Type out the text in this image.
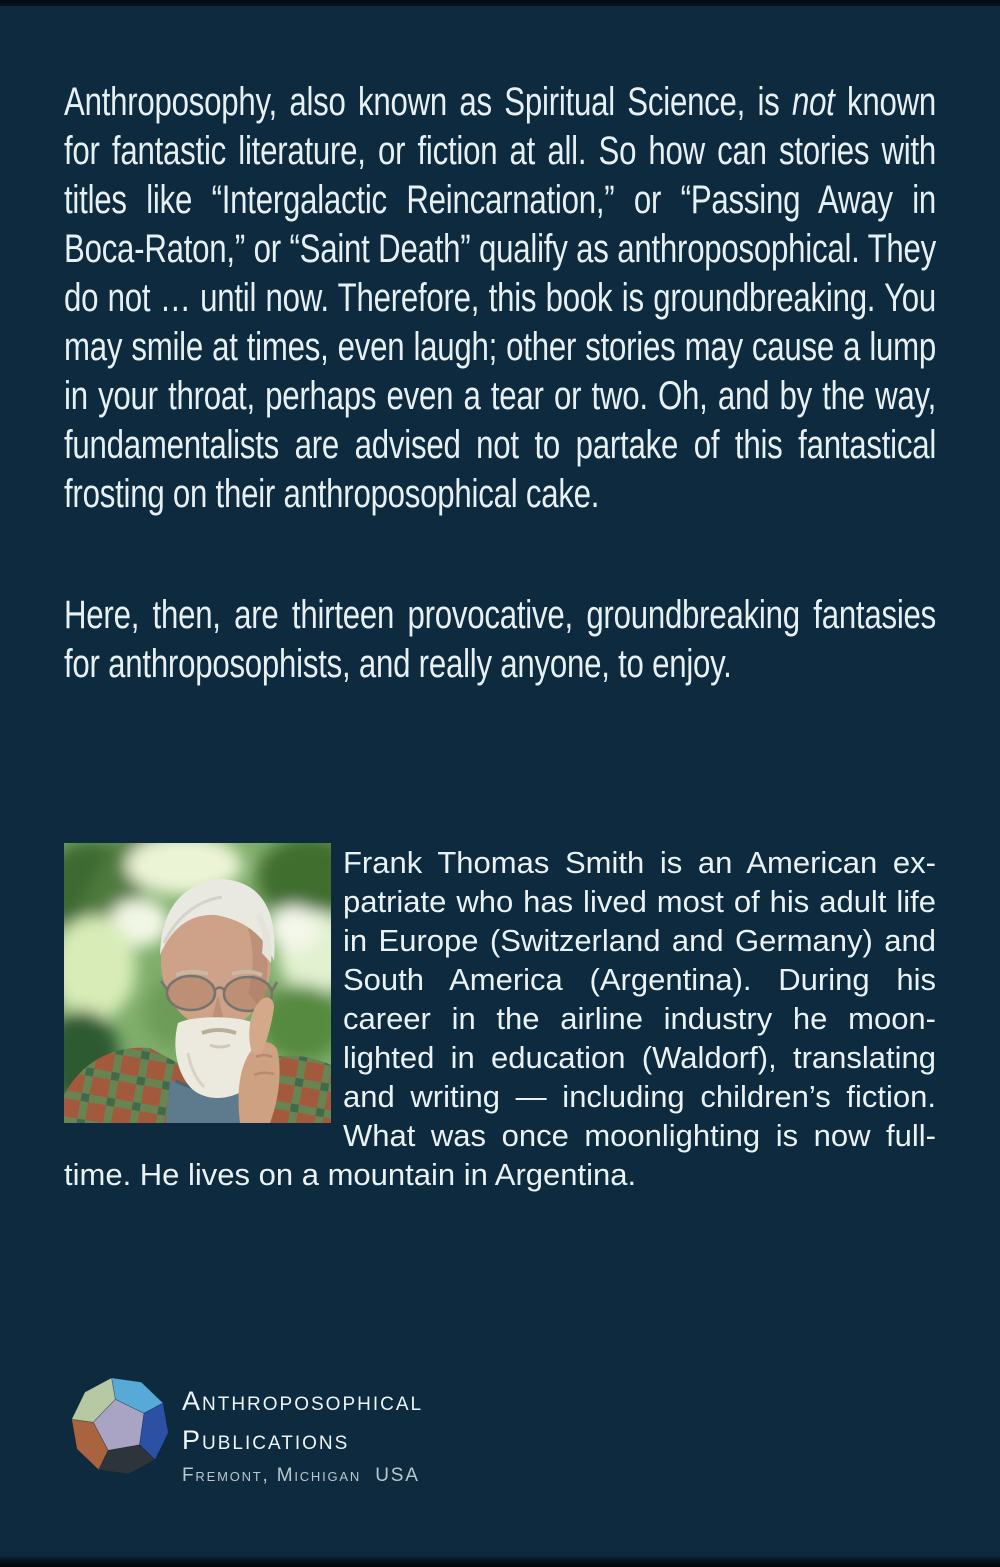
Anthroposophy, also known as Spiritual Science, is not known for fantastic literature, or fiction at all. So how can stories with titles like “Intergalactic Reincarnation,” or “Passing Away in Boca-Raton,” or “Saint Death” qualify as anthroposophical. They do not … until now. Therefore, this book is groundbreaking. You may smile at times, even laugh; other stories may cause a lump in your throat, perhaps even a tear or two. Oh, and by the way, fundamentalists are advised not to partake of this fantastical frosting on their anthroposophical cake.
Here, then, are thirteen provocative, groundbreaking fantasies for anthroposophists, and really anyone, to enjoy.
Frank Thomas Smith is an American expatriate who has lived most of his adult life in Europe (Switzerland and Germany) and South America (Argentina). During his career in the airline industry he moonlighted in education (Waldorf), translating and writing — including children’s fiction. What was once moonlighting is now full-time. He lives on a mountain in Argentina.
Anthroposophical
Publications
Fremont, Michigan  USA
